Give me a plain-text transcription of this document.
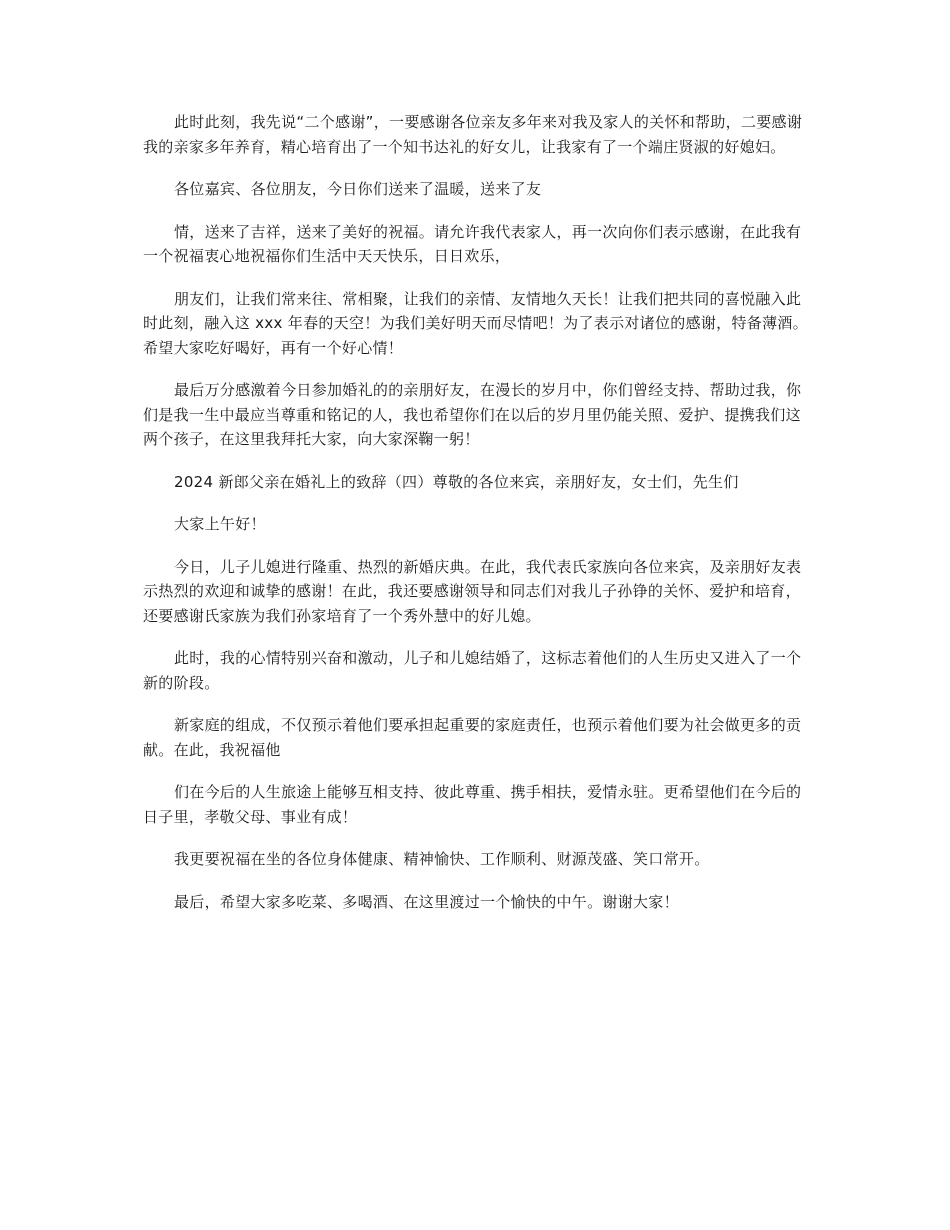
此时此刻，我先说“二个感谢”，一要感谢各位亲友多年来对我及家人的关怀和帮助，二要感谢我的亲家多年养育，精心培育出了一个知书达礼的好女儿，让我家有了一个端庄贤淑的好媳妇。

各位嘉宾、各位朋友，今日你们送来了温暖，送来了友

情，送来了吉祥，送来了美好的祝福。请允许我代表家人，再一次向你们表示感谢，在此我有一个祝福衷心地祝福你们生活中天天快乐，日日欢乐，

朋友们，让我们常来往、常相聚，让我们的亲情、友情地久天长！让我们把共同的喜悦融入此时此刻，融入这 xxx 年春的天空！为我们美好明天而尽情吧！为了表示对诸位的感谢，特备薄酒。希望大家吃好喝好，再有一个好心情！

最后万分感激着今日参加婚礼的的亲朋好友，在漫长的岁月中，你们曾经支持、帮助过我，你们是我一生中最应当尊重和铭记的人，我也希望你们在以后的岁月里仍能关照、爱护、提携我们这两个孩子，在这里我拜托大家，向大家深鞠一躬！

2024 新郎父亲在婚礼上的致辞（四）尊敬的各位来宾，亲朋好友，女士们，先生们

大家上午好！

今日，儿子儿媳进行隆重、热烈的新婚庆典。在此，我代表氏家族向各位来宾，及亲朋好友表示热烈的欢迎和诚挚的感谢！在此，我还要感谢领导和同志们对我儿子孙铮的关怀、爱护和培育，还要感谢氏家族为我们孙家培育了一个秀外慧中的好儿媳。

此时，我的心情特别兴奋和激动，儿子和儿媳结婚了，这标志着他们的人生历史又进入了一个新的阶段。

新家庭的组成，不仅预示着他们要承担起重要的家庭责任，也预示着他们要为社会做更多的贡献。在此，我祝福他

们在今后的人生旅途上能够互相支持、彼此尊重、携手相扶，爱情永驻。更希望他们在今后的日子里，孝敬父母、事业有成！

我更要祝福在坐的各位身体健康、精神愉快、工作顺利、财源茂盛、笑口常开。

最后，希望大家多吃菜、多喝酒、在这里渡过一个愉快的中午。谢谢大家！
